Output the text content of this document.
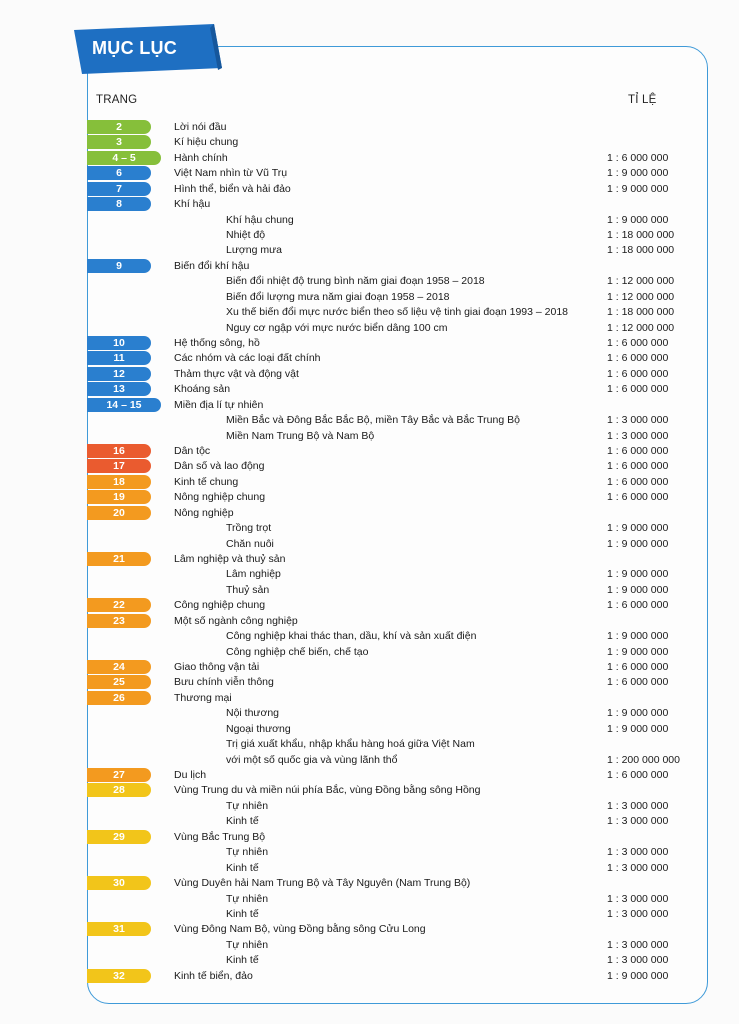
MỤC LỤC
TRANG	TỈ LỆ
2	Lời nói đầu
3	Kí hiệu chung
4 – 5	Hành chính	1 : 6 000 000
6	Việt Nam nhìn từ Vũ Trụ	1 : 9 000 000
7	Hình thể, biển và hải đảo	1 : 9 000 000
8	Khí hậu
Khí hậu chung	1 : 9 000 000
Nhiệt độ	1 : 18 000 000
Lượng mưa	1 : 18 000 000
9	Biến đổi khí hậu
Biến đổi nhiệt độ trung bình năm giai đoạn 1958 – 2018	1 : 12 000 000
Biến đổi lượng mưa năm giai đoạn 1958 – 2018	1 : 12 000 000
Xu thế biến đổi mực nước biển theo số liệu vệ tinh giai đoạn 1993 – 2018	1 : 18 000 000
Nguy cơ ngập với mực nước biển dâng 100 cm	1 : 12 000 000
10	Hệ thống sông, hồ	1 : 6 000 000
11	Các nhóm và các loại đất chính	1 : 6 000 000
12	Thảm thực vật và động vật	1 : 6 000 000
13	Khoáng sản	1 : 6 000 000
14 – 15	Miền địa lí tự nhiên
Miền Bắc và Đông Bắc Bắc Bộ, miền Tây Bắc và Bắc Trung Bộ	1 : 3 000 000
Miền Nam Trung Bộ và Nam Bộ	1 : 3 000 000
16	Dân tộc	1 : 6 000 000
17	Dân số và lao động	1 : 6 000 000
18	Kinh tế chung	1 : 6 000 000
19	Nông nghiệp chung	1 : 6 000 000
20	Nông nghiệp
Trồng trọt	1 : 9 000 000
Chăn nuôi	1 : 9 000 000
21	Lâm nghiệp và thuỷ sản
Lâm nghiệp	1 : 9 000 000
Thuỷ sản	1 : 9 000 000
22	Công nghiệp chung	1 : 6 000 000
23	Một số ngành công nghiệp
Công nghiệp khai thác than, dầu, khí và sản xuất điện	1 : 9 000 000
Công nghiệp chế biến, chế tạo	1 : 9 000 000
24	Giao thông vận tải	1 : 6 000 000
25	Bưu chính viễn thông	1 : 6 000 000
26	Thương mại
Nội thương	1 : 9 000 000
Ngoại thương	1 : 9 000 000
Trị giá xuất khẩu, nhập khẩu hàng hoá giữa Việt Nam
với một số quốc gia và vùng lãnh thổ	1 : 200 000 000
27	Du lịch	1 : 6 000 000
28	Vùng Trung du và miền núi phía Bắc, vùng Đồng bằng sông Hồng
Tự nhiên	1 : 3 000 000
Kinh tế	1 : 3 000 000
29	Vùng Bắc Trung Bộ
Tự nhiên	1 : 3 000 000
Kinh tế	1 : 3 000 000
30	Vùng Duyên hải Nam Trung Bộ và Tây Nguyên (Nam Trung Bộ)
Tự nhiên	1 : 3 000 000
Kinh tế	1 : 3 000 000
31	Vùng Đông Nam Bộ, vùng Đồng bằng sông Cửu Long
Tự nhiên	1 : 3 000 000
Kinh tế	1 : 3 000 000
32	Kinh tế biển, đảo	1 : 9 000 000
